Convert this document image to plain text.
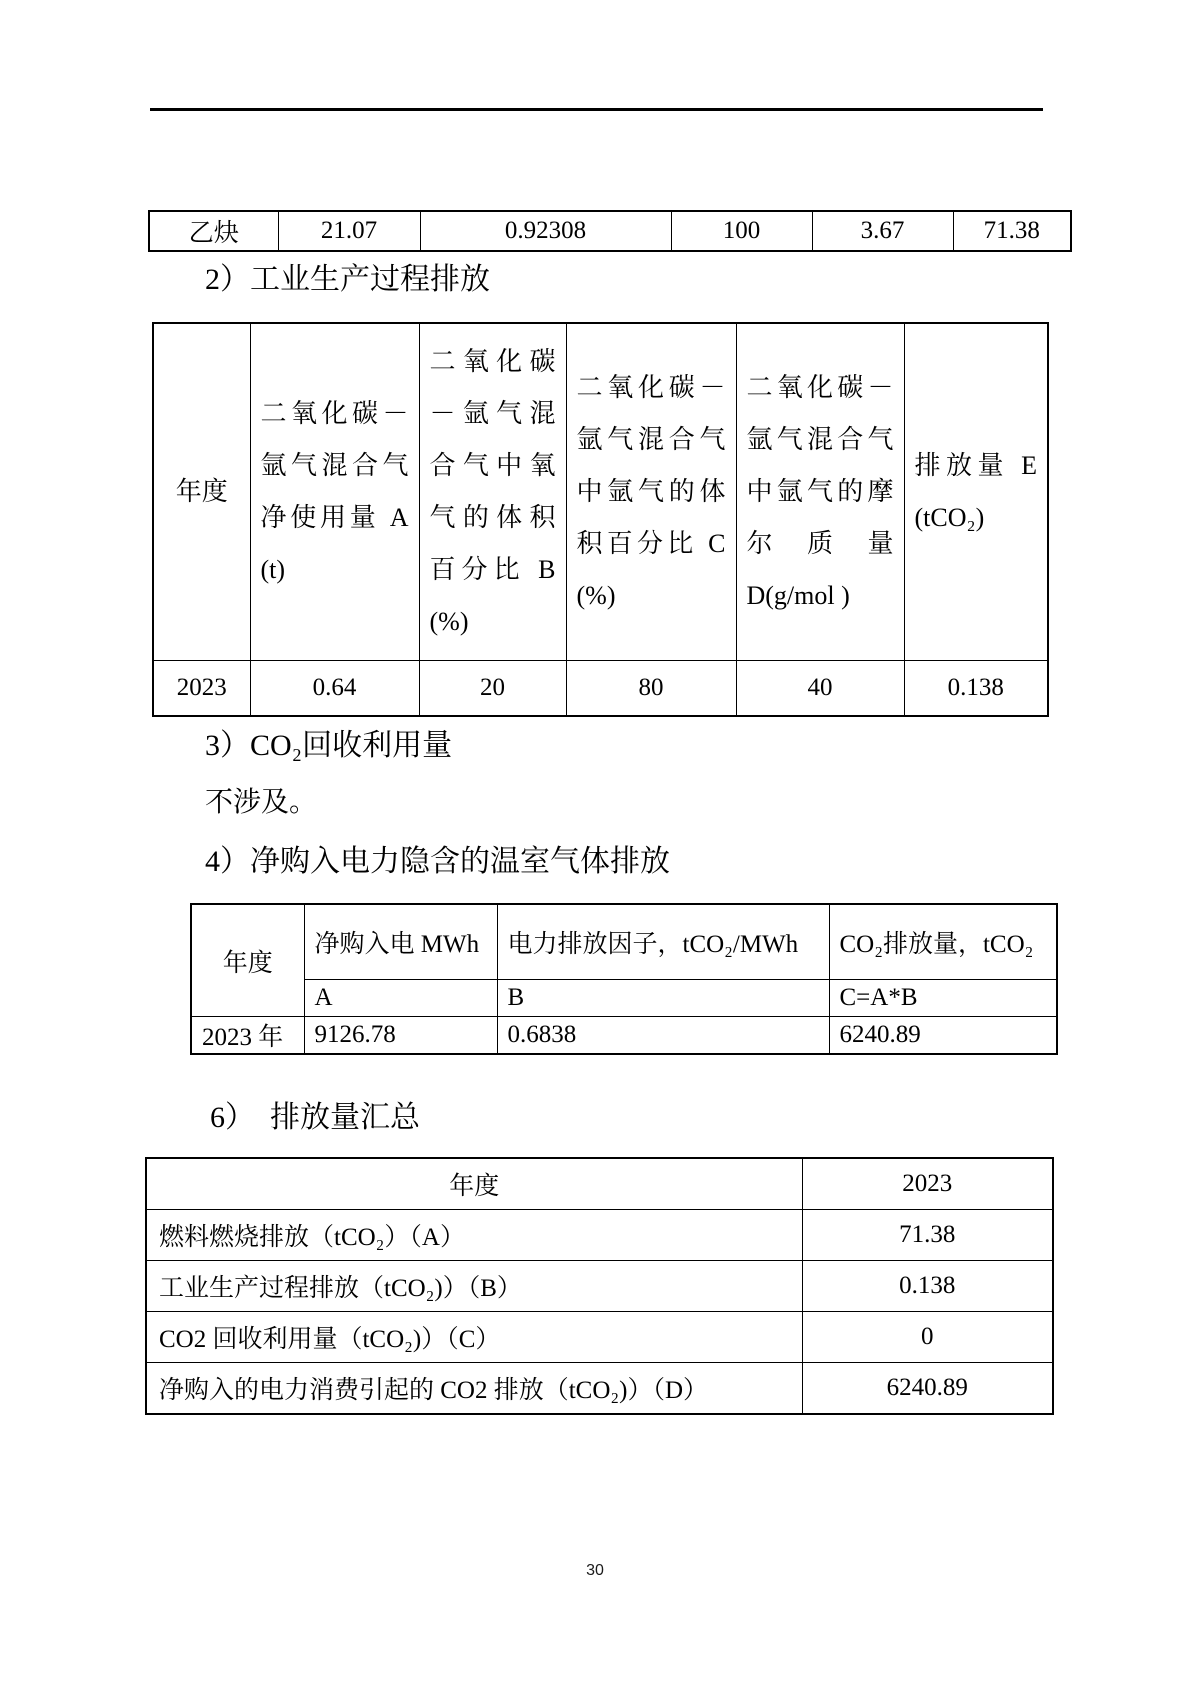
乙炔	21.07	0.92308	100	3.67	71.38
2）工业生产过程排放
年度	二氧化碳－氩气混合气净使用量 A (t)	二氧化碳－氩气混合气中氧气的体积百分比 B (%)	二氧化碳－氩气混合气中氩气的体积百分比 C (%)	二氧化碳－氩气混合气中氩气的摩尔质量 D(g/mol )	排放量 E (tCO₂)
2023	0.64	20	80	40	0.138
3）CO₂回收利用量
不涉及。
4）净购入电力隐含的温室气体排放
年度	净购入电 MWh	电力排放因子，tCO₂/MWh	CO₂排放量，tCO₂
	A	B	C=A*B
2023 年	9126.78	0.6838	6240.89
6）　排放量汇总
年度	2023
燃料燃烧排放（tCO₂）（A）	71.38
工业生产过程排放（tCO₂)）（B）	0.138
CO2 回收利用量（tCO₂)）（C）	0
净购入的电力消费引起的 CO2 排放（tCO₂)）（D）	6240.89
30
